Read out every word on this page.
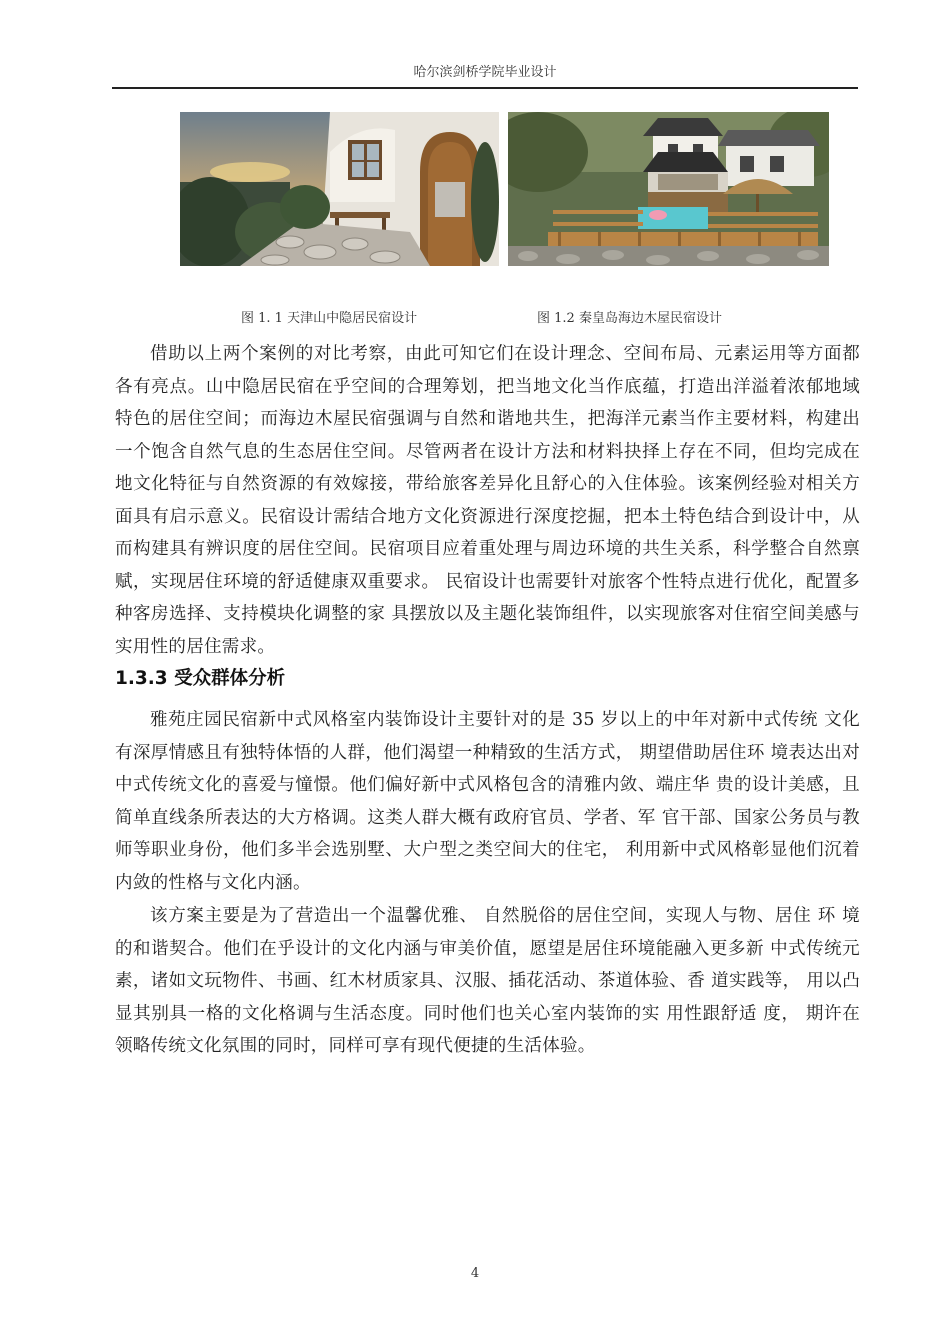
哈尔滨剑桥学院毕业设计
图 1. 1 天津山中隐居民宿设计	图 1.2 秦皇岛海边木屋民宿设计

借助以上两个案例的对比考察，由此可知它们在设计理念、空间布局、元素运用等方面都各有亮点。山中隐居民宿在乎空间的合理筹划，把当地文化当作底蕴，打造出洋溢着浓郁地域特色的居住空间；而海边木屋民宿强调与自然和谐地共生，把海洋元素当作主要材料，构建出一个饱含自然气息的生态居住空间。尽管两者在设计方法和材料抉择上存在不同，但均完成在地文化特征与自然资源的有效嫁接，带给旅客差异化且舒心的入住体验。该案例经验对相关方面具有启示意义。民宿设计需结合地方文化资源进行深度挖掘，把本土特色结合到设计中，从而构建具有辨识度的居住空间。民宿项目应着重处理与周边环境的共生关系，科学整合自然禀赋，实现居住环境的舒适健康双重要求。 民宿设计也需要针对旅客个性特点进行优化，配置多种客房选择、支持模块化调整的家 具摆放以及主题化装饰组件，以实现旅客对住宿空间美感与实用性的居住需求。

1.3.3 受众群体分析

雅苑庄园民宿新中式风格室内装饰设计主要针对的是 35 岁以上的中年对新中式传统 文化有深厚情感且有独特体悟的人群，他们渴望一种精致的生活方式， 期望借助居住环 境表达出对中式传统文化的喜爱与憧憬。他们偏好新中式风格包含的清雅内敛、端庄华 贵的设计美感，且简单直线条所表达的大方格调。这类人群大概有政府官员、学者、军 官干部、国家公务员与教师等职业身份，他们多半会选别墅、大户型之类空间大的住宅， 利用新中式风格彰显他们沉着内敛的性格与文化内涵。

该方案主要是为了营造出一个温馨优雅、 自然脱俗的居住空间，实现人与物、居住 环 境的和谐契合。他们在乎设计的文化内涵与审美价值，愿望是居住环境能融入更多新 中式传统元素，诸如文玩物件、书画、红木材质家具、汉服、插花活动、茶道体验、香 道实践等， 用以凸显其别具一格的文化格调与生活态度。同时他们也关心室内装饰的实 用性跟舒适 度， 期许在领略传统文化氛围的同时，同样可享有现代便捷的生活体验。

4
